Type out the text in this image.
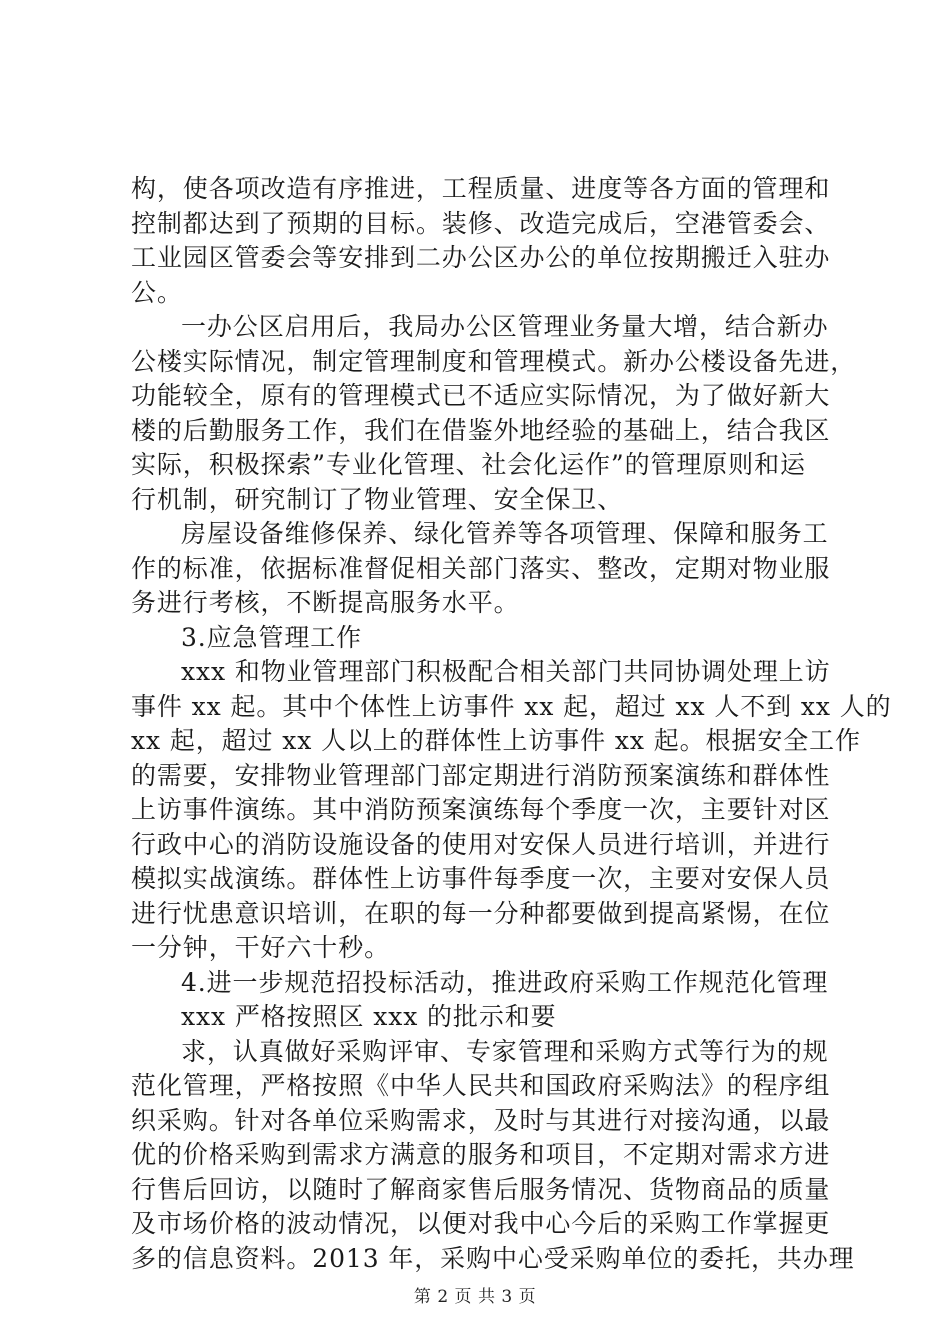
构，使各项改造有序推进，工程质量、进度等各方面的管理和
控制都达到了预期的目标。装修、改造完成后，空港管委会、
工业园区管委会等安排到二办公区办公的单位按期搬迁入驻办
公。
一办公区启用后，我局办公区管理业务量大增，结合新办
公楼实际情况，制定管理制度和管理模式。新办公楼设备先进，
功能较全，原有的管理模式已不适应实际情况，为了做好新大
楼的后勤服务工作，我们在借鉴外地经验的基础上，结合我区
实际，积极探索”专业化管理、社会化运作”的管理原则和运
行机制，研究制订了物业管理、安全保卫、
房屋设备维修保养、绿化管养等各项管理、保障和服务工
作的标准，依据标准督促相关部门落实、整改，定期对物业服
务进行考核，不断提高服务水平。
3.应急管理工作
xxx 和物业管理部门积极配合相关部门共同协调处理上访
事件 xx 起。其中个体性上访事件 xx 起，超过 xx 人不到 xx 人的
xx 起，超过 xx 人以上的群体性上访事件 xx 起。根据安全工作
的需要，安排物业管理部门部定期进行消防预案演练和群体性
上访事件演练。其中消防预案演练每个季度一次，主要针对区
行政中心的消防设施设备的使用对安保人员进行培训，并进行
模拟实战演练。群体性上访事件每季度一次，主要对安保人员
进行忧患意识培训，在职的每一分种都要做到提高紧惕，在位
一分钟，干好六十秒。
4.进一步规范招投标活动，推进政府采购工作规范化管理
xxx 严格按照区 xxx 的批示和要
求，认真做好采购评审、专家管理和采购方式等行为的规
范化管理，严格按照《中华人民共和国政府采购法》的程序组
织采购。针对各单位采购需求，及时与其进行对接沟通，以最
优的价格采购到需求方满意的服务和项目，不定期对需求方进
行售后回访，以随时了解商家售后服务情况、货物商品的质量
及市场价格的波动情况，以便对我中心今后的采购工作掌握更
多的信息资料。2013 年，采购中心受采购单位的委托，共办理
第 2 页 共 3 页
